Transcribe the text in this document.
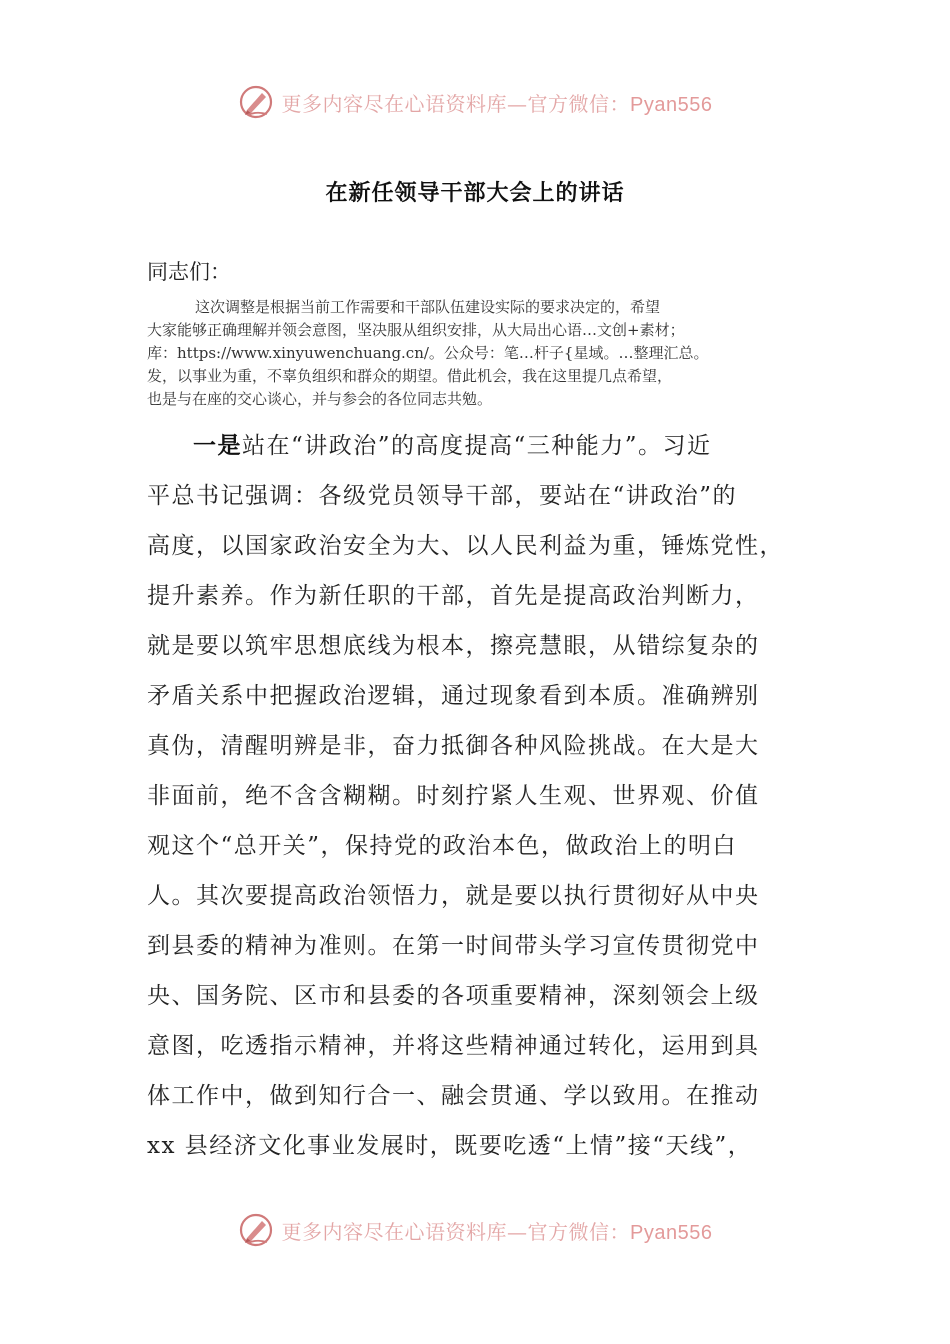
更多内容尽在心语资料库—官方微信：Pyan556
在新任领导干部大会上的讲话
同志们：
这次调整是根据当前工作需要和干部队伍建设实际的要求决定的，希望
大家能够正确理解并领会意图，坚决服从组织安排，从大局出心语…文创+素材；
库：https://www.xinyuwenchuang.cn/。公众号：笔…杆子{星域。…整理汇总。
发，以事业为重，不辜负组织和群众的期望。借此机会，我在这里提几点希望，
也是与在座的交心谈心，并与参会的各位同志共勉。
一是站在“讲政治”的高度提高“三种能力”。习近
平总书记强调：各级党员领导干部，要站在“讲政治”的
高度，以国家政治安全为大、以人民利益为重，锤炼党性，
提升素养。作为新任职的干部，首先是提高政治判断力，
就是要以筑牢思想底线为根本，擦亮慧眼，从错综复杂的
矛盾关系中把握政治逻辑，通过现象看到本质。准确辨别
真伪，清醒明辨是非，奋力抵御各种风险挑战。在大是大
非面前，绝不含含糊糊。时刻拧紧人生观、世界观、价值
观这个“总开关”，保持党的政治本色，做政治上的明白
人。其次要提高政治领悟力，就是要以执行贯彻好从中央
到县委的精神为准则。在第一时间带头学习宣传贯彻党中
央、国务院、区市和县委的各项重要精神，深刻领会上级
意图，吃透指示精神，并将这些精神通过转化，运用到具
体工作中，做到知行合一、融会贯通、学以致用。在推动
xx 县经济文化事业发展时，既要吃透“上情”接“天线”，
更多内容尽在心语资料库—官方微信：Pyan556
